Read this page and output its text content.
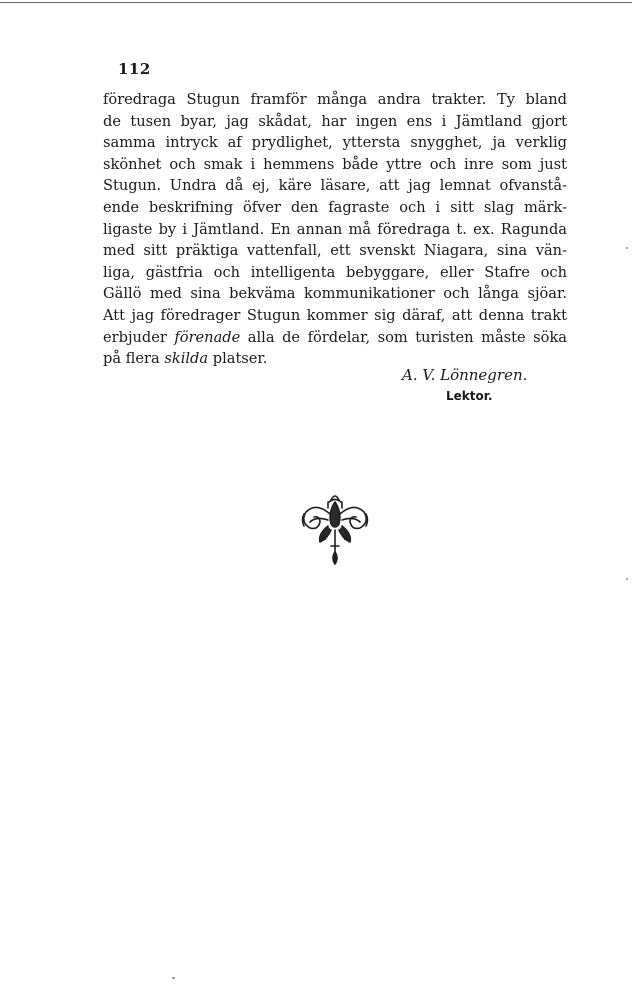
112
föredraga Stugun framför många andra trakter. Ty bland
de tusen byar, jag skådat, har ingen ens i Jämtland gjort
samma intryck af prydlighet, yttersta snygghet, ja verklig
skönhet och smak i hemmens både yttre och inre som just
Stugun. Undra då ej, käre läsare, att jag lemnat ofvanstå-
ende beskrifning öfver den fagraste och i sitt slag märk-
ligaste by i Jämtland. En annan må föredraga t. ex. Ragunda
med sitt präktiga vattenfall, ett svenskt Niagara, sina vän-
liga, gästfria och intelligenta bebyggare, eller Stafre och
Gällö med sina bekväma kommunikationer och långa sjöar.
Att jag föredrager Stugun kommer sig däraf, att denna trakt
erbjuder förenade alla de fördelar, som turisten måste söka
på flera skilda platser.
A. V. Lönnegren.
Lektor.
